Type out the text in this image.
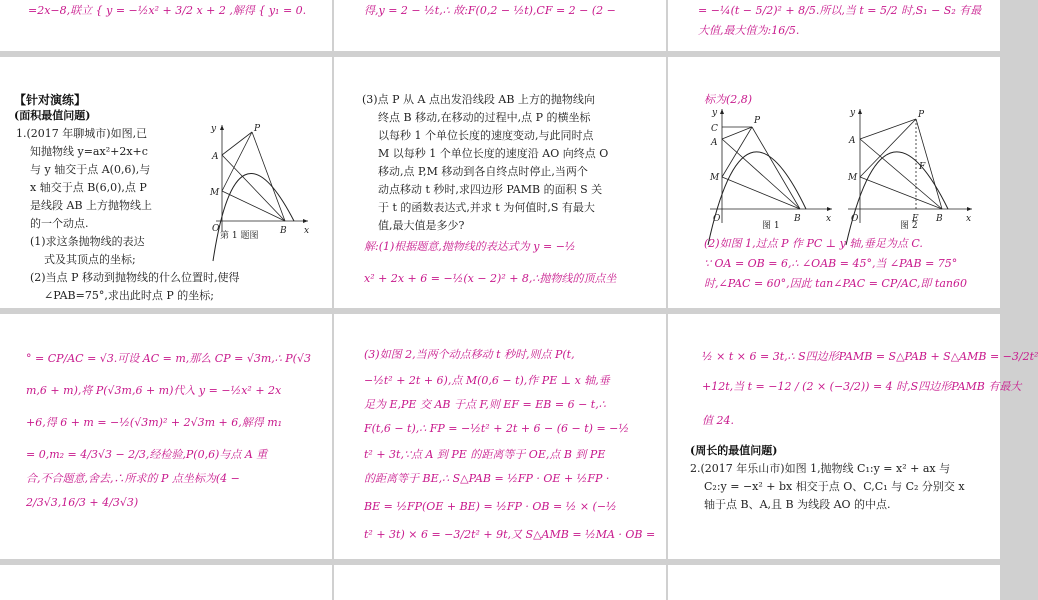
=2x−8,联立 { y = −½x² + 3/2 x + 2 ,解得 { y₁ = 0.	得,y = 2 − ½t,∴ 故:F(0,2 − ½t),CF = 2 − (2 −	= −¼(t − 5/2)² + 8/5.所以,当 t = 5/2 时,S₁ − S₂ 有最
大值,最大值为:16/5.
【针对演练】
(面积最值问题)
1.(2017 年聊城市)如图,已
知抛物线 y=ax²+2x+c
与 y 轴交于点 A(0,6),与
x 轴交于点 B(6,0),点 P
是线段 AB 上方抛物线上
的一个动点.
(1)求这条抛物线的表达
式及其顶点的坐标;
(2)当点 P 移动到抛物线的什么位置时,使得
∠PAB=75°,求出此时点 P 的坐标;
y
x
O
A
B
M
P
第 1 题图
(3)点 P 从 A 点出发沿线段 AB 上方的抛物线向
终点 B 移动,在移动的过程中,点 P 的横坐标
以每秒 1 个单位长度的速度变动,与此同时点
M 以每秒 1 个单位长度的速度沿 AO 向终点 O
移动,点 P,M 移动到各自终点时停止,当两个
动点移动 t 秒时,求四边形 PAMB 的面积 S 关
于 t 的函数表达式,并求 t 为何值时,S 有最大
值,最大值是多少?
解:(1)根据题意,抛物线的表达式为 y = −½
x² + 2x + 6 = −½(x − 2)² + 8,∴抛物线的顶点坐
标为(2,8)
y
x
O
C
A
M
P
B
图 1
y
x
O
A
M
P
F
E B
图 2
(2)如图 1,过点 P 作 PC ⊥ y 轴,垂足为点 C.
∵ OA = OB = 6,∴ ∠OAB = 45°,当 ∠PAB = 75°
时,∠PAC = 60°,因此 tan∠PAC = CP/AC,即 tan60
° = CP/AC = √3.可设 AC = m,那么 CP = √3m,∴ P(√3
m,6 + m),将 P(√3m,6 + m)代入 y = −½x² + 2x
+6,得 6 + m = −½(√3m)² + 2√3m + 6,解得 m₁
= 0,m₂ = 4/3√3 − 2/3,经检验,P(0,6)与点 A 重
合,不合题意,舍去,∴所求的 P 点坐标为(4 −
2/3√3,16/3 + 4/3√3)
(3)如图 2,当两个动点移动 t 秒时,则点 P(t,
−½t² + 2t + 6),点 M(0,6 − t),作 PE ⊥ x 轴,垂
足为 E,PE 交 AB 于点 F,则 EF = EB = 6 − t,∴
F(t,6 − t),∴ FP = −½t² + 2t + 6 − (6 − t) = −½
t² + 3t,∵点 A 到 PE 的距离等于 OE,点 B 到 PE
的距离等于 BE,∴ S△PAB = ½FP · OE + ½FP ·
BE = ½FP(OE + BE) = ½FP · OB = ½ × (−½
t² + 3t) × 6 = −3/2t² + 9t,又 S△AMB = ½MA · OB =
½ × t × 6 = 3t,∴ S四边形PAMB = S△PAB + S△AMB = −3/2t²
+12t,当 t = −12 / (2 × (−3/2)) = 4 时,S四边形PAMB 有最大
值 24.
(周长的最值问题)
2.(2017 年乐山市)如图 1,抛物线 C₁:y = x² + ax 与
C₂:y = −x² + bx 相交于点 O、C,C₁ 与 C₂ 分别交 x
轴于点 B、A,且 B 为线段 AO 的中点.
